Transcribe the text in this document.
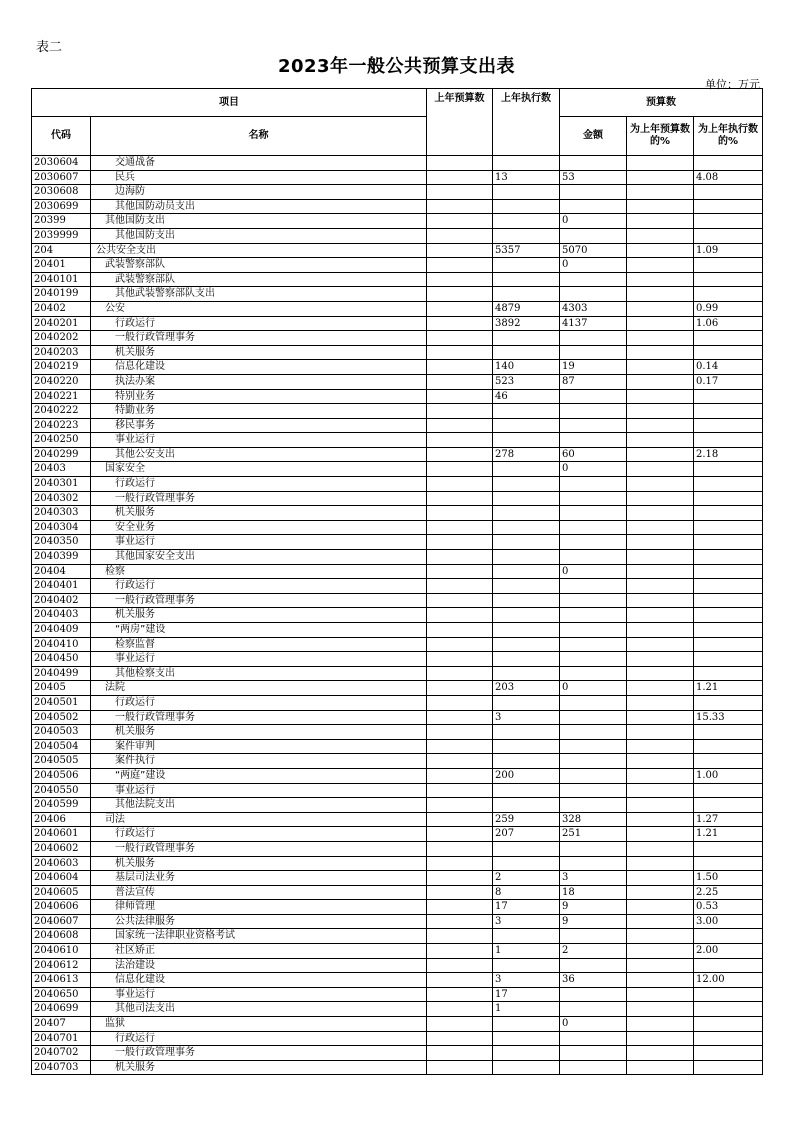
表二
2023年一般公共预算支出表
单位：万元
项目		上年预算数	上年执行数	预算数		
代码	名称			金额	为上年预算数的%	为上年执行数的%
2030604	交通战备					
2030607	民兵		13	53		4.08
2030608	边海防					
2030699	其他国防动员支出					
20399	其他国防支出			0		
2039999	其他国防支出					
204	公共安全支出		5357	5070		1.09
20401	武装警察部队			0		
2040101	武装警察部队					
2040199	其他武装警察部队支出					
20402	公安		4879	4303		0.99
2040201	行政运行		3892	4137		1.06
2040202	一般行政管理事务					
2040203	机关服务					
2040219	信息化建设		140	19		0.14
2040220	执法办案		523	87		0.17
2040221	特别业务		46			
2040222	特勤业务					
2040223	移民事务					
2040250	事业运行					
2040299	其他公安支出		278	60		2.18
20403	国家安全			0		
2040301	行政运行					
2040302	一般行政管理事务					
2040303	机关服务					
2040304	安全业务					
2040350	事业运行					
2040399	其他国家安全支出					
20404	检察			0		
2040401	行政运行					
2040402	一般行政管理事务					
2040403	机关服务					
2040409	“两房”建设					
2040410	检察监督					
2040450	事业运行					
2040499	其他检察支出					
20405	法院		203	0		1.21
2040501	行政运行					
2040502	一般行政管理事务		3			15.33
2040503	机关服务					
2040504	案件审判					
2040505	案件执行					
2040506	“两庭”建设		200			1.00
2040550	事业运行					
2040599	其他法院支出					
20406	司法		259	328		1.27
2040601	行政运行		207	251		1.21
2040602	一般行政管理事务					
2040603	机关服务					
2040604	基层司法业务		2	3		1.50
2040605	普法宣传		8	18		2.25
2040606	律师管理		17	9		0.53
2040607	公共法律服务		3	9		3.00
2040608	国家统一法律职业资格考试					
2040610	社区矫正		1	2		2.00
2040612	法治建设					
2040613	信息化建设		3	36		12.00
2040650	事业运行		17			
2040699	其他司法支出		1			
20407	监狱			0		
2040701	行政运行					
2040702	一般行政管理事务					
2040703	机关服务					
